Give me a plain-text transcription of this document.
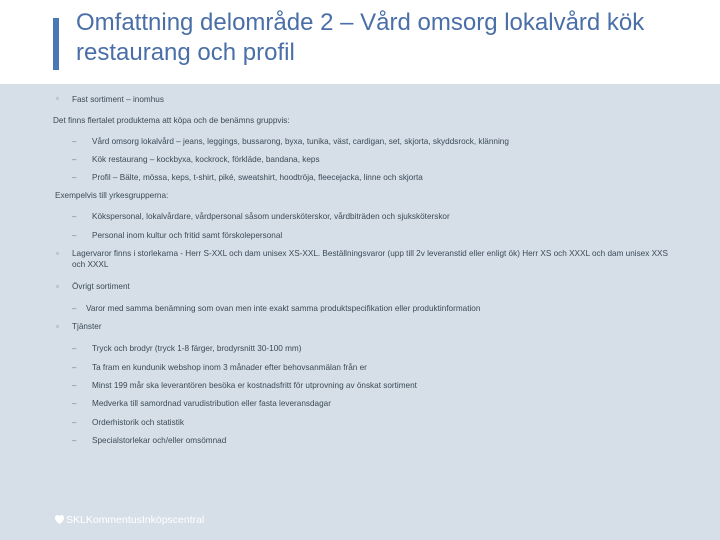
Omfattning delområde 2 – Vård omsorg lokalvård kök restaurang och profil
▫ Fast sortiment – inomhus
Det finns flertalet produktema att köpa och de benämns gruppvis:
– Vård omsorg lokalvård – jeans, leggings, bussarong, byxa, tunika, väst, cardigan, set, skjorta, skyddsrock, klänning
– Kök restaurang – kockbyxa, kockrock, förkläde, bandana, keps
– Profil – Bälte, mössa, keps, t-shirt, piké, sweatshirt, hoodtröja, fleecejacka, linne och skjorta
Exempelvis till yrkesgrupperna:
– Kökspersonal, lokalvårdare, vårdpersonal såsom undersköterskor, vårdbiträden och sjuksköterskor
– Personal inom kultur och fritid samt förskolepersonal
▫ Lagervaror finns i storlekarna - Herr S-XXL och dam unisex XS-XXL. Beställningsvaror (upp till 2v leveranstid eller enligt ök) Herr XS och XXXL och dam unisex XXS och XXXL
▫ Övrigt sortiment
– Varor med samma benämning som ovan men inte exakt samma produktspecifikation eller produktinformation
▫ Tjänster
– Tryck och brodyr (tryck 1-8 färger, brodyrsnitt 30-100 mm)
– Ta fram en kundunik webshop inom 3 månader efter behovsanmälan från er
– Minst 199 mår ska leverantören besöka er kostnadsfritt för utprovning av önskat sortiment
– Medverka till samordnad varudistribution eller fasta leveransdagar
– Orderhistorik och statistik
– Specialstorlekar och/eller omsömnad
SKLKommentusInköpscentral
